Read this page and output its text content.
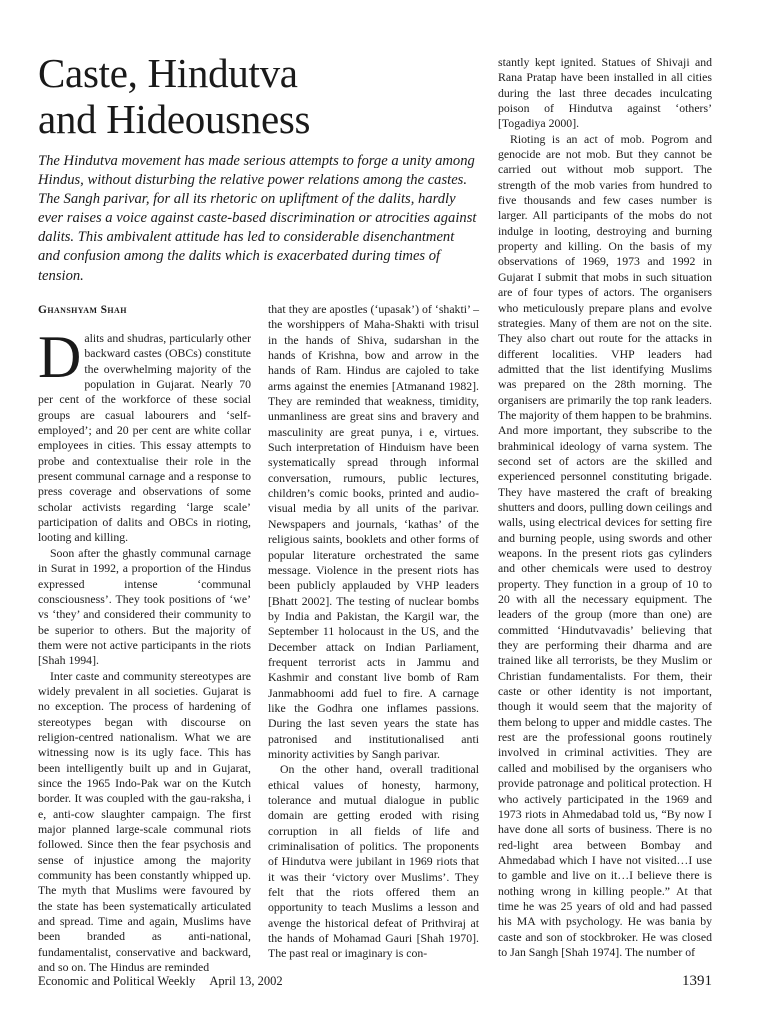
Caste, Hindutva
and Hideousness

The Hindutva movement has made serious attempts to forge a unity among Hindus, without disturbing the relative power relations among the castes. The Sangh parivar, for all its rhetoric on upliftment of the dalits, hardly ever raises a voice against caste-based discrimination or atrocities against dalits. This ambivalent attitude has led to considerable disenchantment and confusion among the dalits which is exacerbated during times of tension.

Ghanshyam Shah

Dalits and shudras, particularly other backward castes (OBCs) constitute the overwhelming majority of the population in Gujarat. Nearly 70 per cent of the workforce of these social groups are casual labourers and ‘self-employed’; and 20 per cent are white collar employees in cities. This essay attempts to probe and contextualise their role in the present communal carnage and a response to press coverage and observations of some scholar activists regarding ‘large scale’ participation of dalits and OBCs in rioting, looting and killing.

Soon after the ghastly communal carnage in Surat in 1992, a proportion of the Hindus expressed intense ‘communal consciousness’. They took positions of ‘we’ vs ‘they’ and considered their community to be superior to others. But the majority of them were not active participants in the riots [Shah 1994].

Inter caste and community stereotypes are widely prevalent in all societies. Gujarat is no exception. The process of hardening of stereotypes began with discourse on religion-centred nationalism. What we are witnessing now is its ugly face. This has been intelligently built up and in Gujarat, since the 1965 Indo-Pak war on the Kutch border. It was coupled with the gau-raksha, i e, anti-cow slaughter campaign. The first major planned large-scale communal riots followed. Since then the fear psychosis and sense of injustice among the majority community has been constantly whipped up. The myth that Muslims were favoured by the state has been systematically articulated and spread. Time and again, Muslims have been branded as anti-national, fundamentalist, conservative and backward, and so on. The Hindus are reminded

that they are apostles (‘upasak’) of ‘shakti’ – the worshippers of Maha-Shakti with trisul in the hands of Shiva, sudarshan in the hands of Krishna, bow and arrow in the hands of Ram. Hindus are cajoled to take arms against the enemies [Atmanand 1982]. They are reminded that weakness, timidity, unmanliness are great sins and bravery and masculinity are great punya, i e, virtues. Such interpretation of Hinduism have been systematically spread through informal conversation, rumours, public lectures, children’s comic books, printed and audio-visual media by all units of the parivar. Newspapers and journals, ‘kathas’ of the religious saints, booklets and other forms of popular literature orchestrated the same message. Violence in the present riots has been publicly applauded by VHP leaders [Bhatt 2002]. The testing of nuclear bombs by India and Pakistan, the Kargil war, the September 11 holocaust in the US, and the December attack on Indian Parliament, frequent terrorist acts in Jammu and Kashmir and constant live bomb of Ram Janmabhoomi add fuel to fire. A carnage like the Godhra one inflames passions. During the last seven years the state has patronised and institutionalised anti minority activities by Sangh parivar.

On the other hand, overall traditional ethical values of honesty, harmony, tolerance and mutual dialogue in public domain are getting eroded with rising corruption in all fields of life and criminalisation of politics. The proponents of Hindutva were jubilant in 1969 riots that it was their ‘victory over Muslims’. They felt that the riots offered them an opportunity to teach Muslims a lesson and avenge the historical defeat of Prithviraj at the hands of Mohamad Gauri [Shah 1970]. The past real or imaginary is con-

stantly kept ignited. Statues of Shivaji and Rana Pratap have been installed in all cities during the last three decades inculcating poison of Hindutva against ‘others’ [Togadiya 2000].

Rioting is an act of mob. Pogrom and genocide are not mob. But they cannot be carried out without mob support. The strength of the mob varies from hundred to five thousands and few cases number is larger. All participants of the mobs do not indulge in looting, destroying and burning property and killing. On the basis of my observations of 1969, 1973 and 1992 in Gujarat I submit that mobs in such situation are of four types of actors. The organisers who meticulously prepare plans and evolve strategies. Many of them are not on the site. They also chart out route for the attacks in different localities. VHP leaders had admitted that the list identifying Muslims was prepared on the 28th morning. The organisers are primarily the top rank leaders. The majority of them happen to be brahmins. And more important, they subscribe to the brahminical ideology of varna system. The second set of actors are the skilled and experienced personnel constituting brigade. They have mastered the craft of breaking shutters and doors, pulling down ceilings and walls, using electrical devices for setting fire and burning people, using swords and other weapons. In the present riots gas cylinders and other chemicals were used to destroy property. They function in a group of 10 to 20 with all the necessary equipment. The leaders of the group (more than one) are committed ‘Hindutvavadis’ believing that they are performing their dharma and are trained like all terrorists, be they Muslim or Christian fundamentalists. For them, their caste or other identity is not important, though it would seem that the majority of them belong to upper and middle castes. The rest are the professional goons routinely involved in criminal activities. They are called and mobilised by the organisers who provide patronage and political protection. H who actively participated in the 1969 and 1973 riots in Ahmedabad told us, “By now I have done all sorts of business. There is no red-light area between Bombay and Ahmedabad which I have not visited…I use to gamble and live on it…I believe there is nothing wrong in killing people.” At that time he was 25 years of old and had passed his MA with psychology. He was bania by caste and son of stockbroker. He was closed to Jan Sangh [Shah 1974]. The number of

Economic and Political Weekly April 13, 2002	1391
